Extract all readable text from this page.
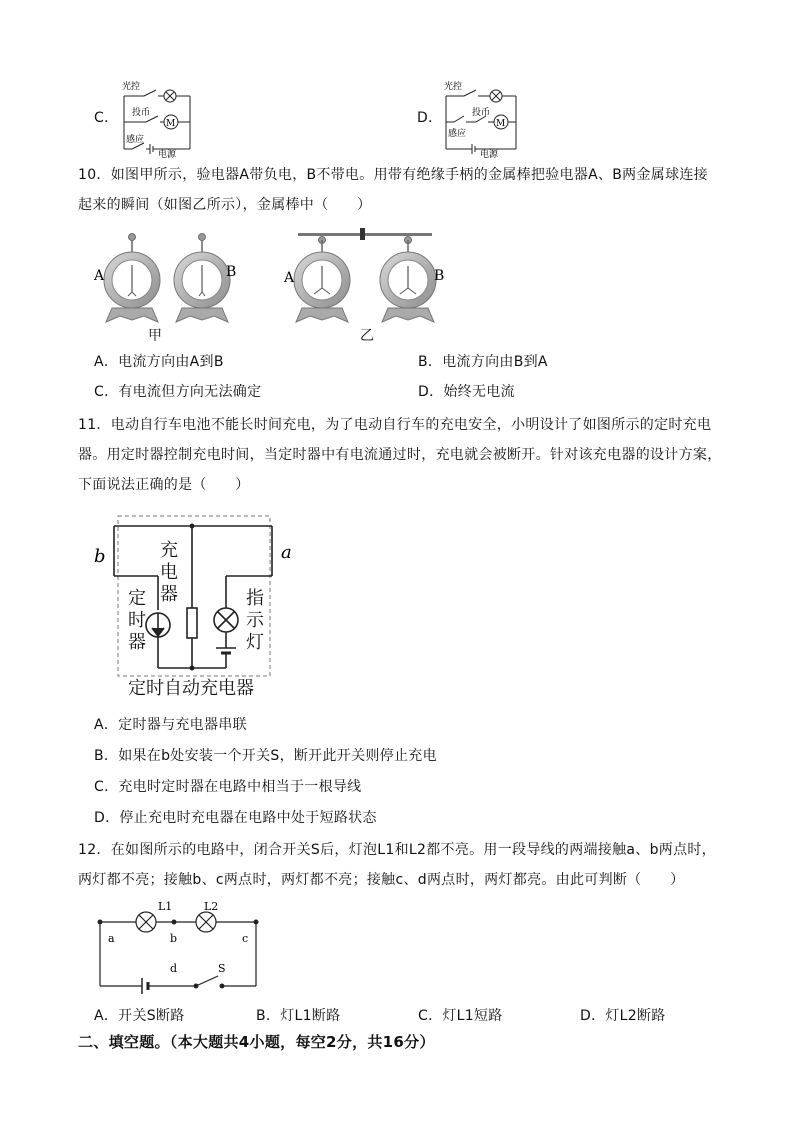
C．
光控
投币
M
感应
电源
D．
光控
投币
M
感应
电源
10．如图甲所示，验电器A带负电，B不带电。用带有绝缘手柄的金属棒把验电器A、B两金属球连接
起来的瞬间（如图乙所示），金属棒中（　　）
A	B
甲
A	B
乙
A．电流方向由A到B	B．电流方向由B到A
C．有电流但方向无法确定	D．始终无电流
11．电动自行车电池不能长时间充电，为了电动自行车的充电安全，小明设计了如图所示的定时充电
器。用定时器控制充电时间，当定时器中有电流通过时，充电就会被断开。针对该充电器的设计方案，
下面说法正确的是（　　）
b	a
充电器
定时器
指示灯
定时自动充电器
A．定时器与充电器串联
B．如果在b处安装一个开关S，断开此开关则停止充电
C．充电时定时器在电路中相当于一根导线
D．停止充电时充电器在电路中处于短路状态
12．在如图所示的电路中，闭合开关S后，灯泡L1和L2都不亮。用一段导线的两端接触a、b两点时，
两灯都不亮；接触b、c两点时，两灯都不亮；接触c、d两点时，两灯都亮。由此可判断（　　）
a	b	c
d	S
L1	L2
A．开关S断路	B．灯L1断路	C．灯L1短路	D．灯L2断路
二、填空题。（本大题共4小题，每空2分，共16分）
